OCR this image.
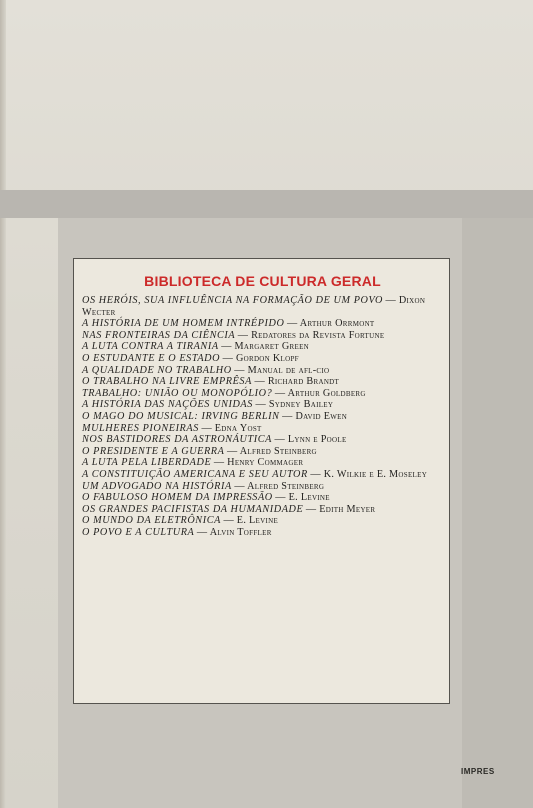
BIBLIOTECA DE CULTURA GERAL

OS HERÓIS, SUA INFLUÊNCIA NA FORMAÇÃO DE UM POVO — Dixon Wecter

A HISTÓRIA DE UM HOMEM INTRÉPIDO — Arthur Orrmont

NAS FRONTEIRAS DA CIÊNCIA — Redatores da Revista Fortune

A LUTA CONTRA A TIRANIA — Margaret Green

O ESTUDANTE E O ESTADO — Gordon Klopf

A QUALIDADE NO TRABALHO — Manual de afl-cio

O TRABALHO NA LIVRE EMPRÊSA — Richard Brandt

TRABALHO: UNIÃO OU MONOPÓLIO? — Arthur Goldberg

A HISTÓRIA DAS NAÇÕES UNIDAS — Sydney Bailey

O MAGO DO MUSICAL: IRVING BERLIN — David Ewen

MULHERES PIONEIRAS — Edna Yost

NOS BASTIDORES DA ASTRONÁUTICA — Lynn e Poole

O PRESIDENTE E A GUERRA — Alfred Steinberg

A LUTA PELA LIBERDADE — Henry Commager

A CONSTITUIÇÃO AMERICANA E SEU AUTOR — K. Wilkie e E. Moseley

UM ADVOGADO NA HISTÓRIA — Alfred Steinberg

O FABULOSO HOMEM DA IMPRESSÃO — E. Levine

OS GRANDES PACIFISTAS DA HUMANIDADE — Edith Meyer

O MUNDO DA ELETRÔNICA — E. Levine

O POVO E A CULTURA — Alvin Toffler

IMPRES
